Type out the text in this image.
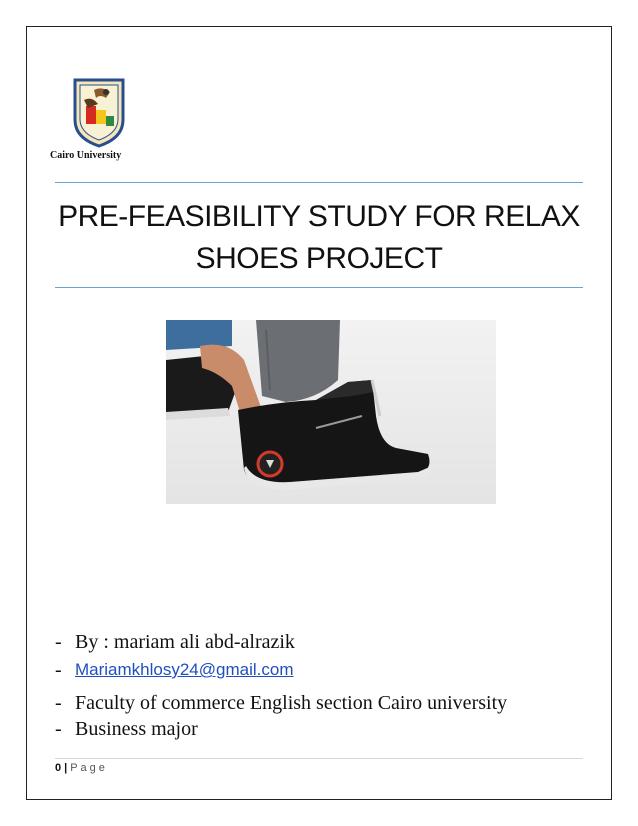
Cairo University
PRE-FEASIBILITY STUDY FOR RELAX
SHOES PROJECT
- By : mariam ali abd-alrazik
- Mariamkhlosy24@gmail.com
- Faculty of commerce English section Cairo university
- Business major
0 | Page
